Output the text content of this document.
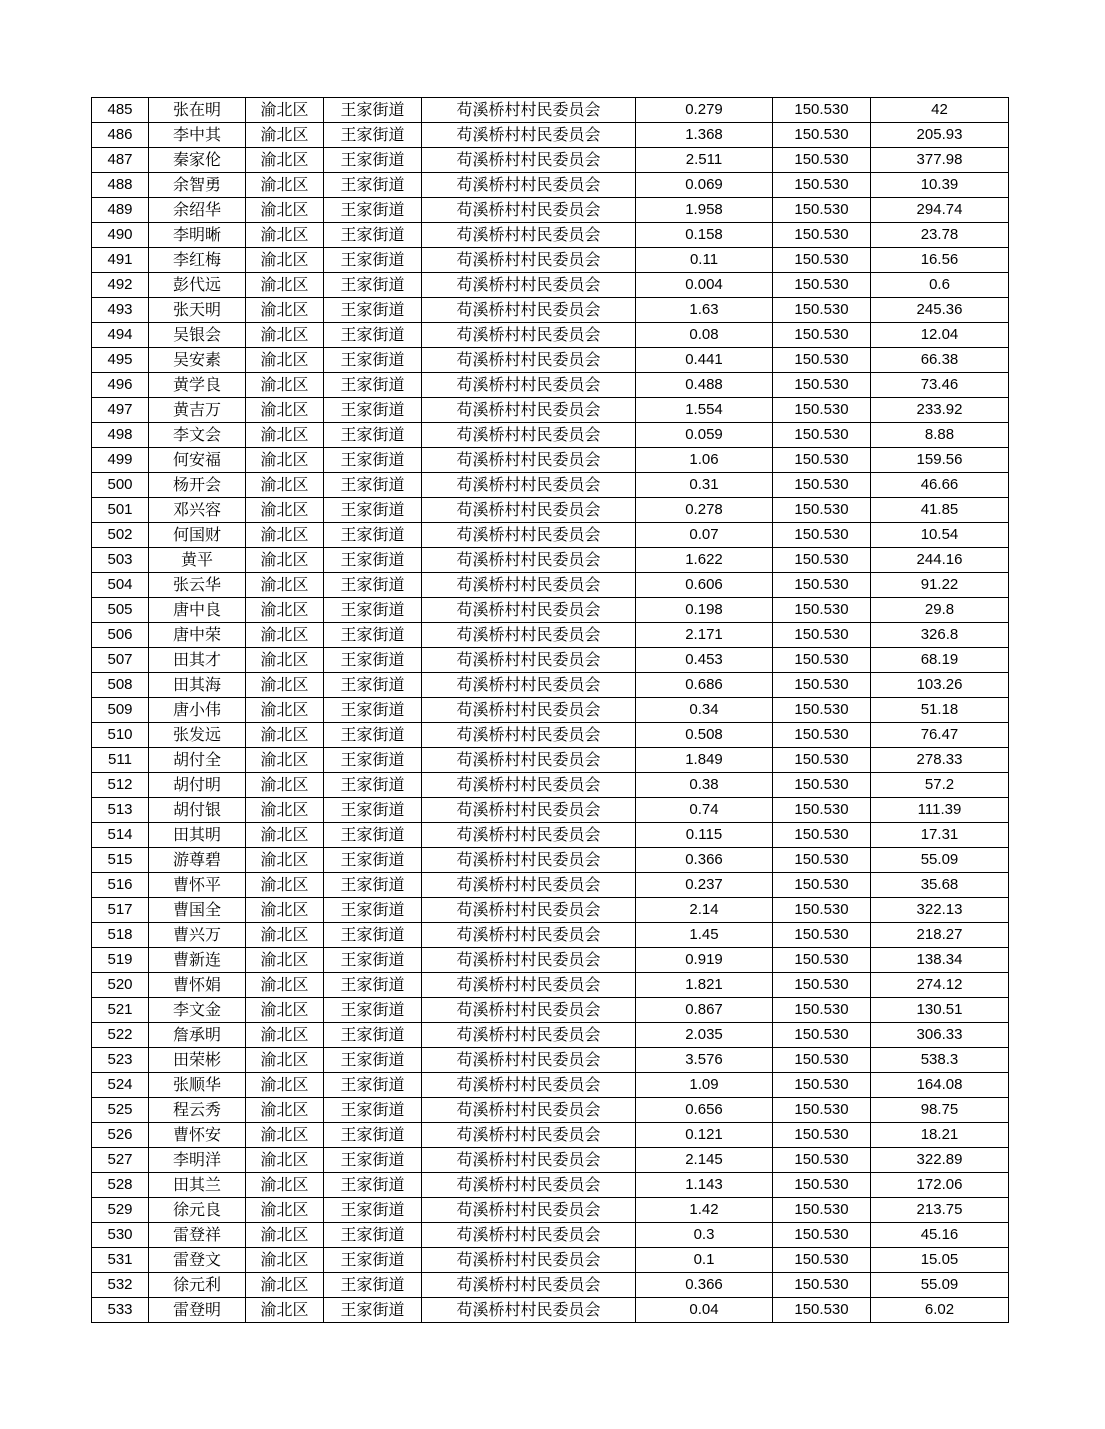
485	张在明	渝北区	王家街道	苟溪桥村村民委员会	0.279	150.530	42
486	李中其	渝北区	王家街道	苟溪桥村村民委员会	1.368	150.530	205.93
487	秦家伦	渝北区	王家街道	苟溪桥村村民委员会	2.511	150.530	377.98
488	余智勇	渝北区	王家街道	苟溪桥村村民委员会	0.069	150.530	10.39
489	余绍华	渝北区	王家街道	苟溪桥村村民委员会	1.958	150.530	294.74
490	李明晰	渝北区	王家街道	苟溪桥村村民委员会	0.158	150.530	23.78
491	李红梅	渝北区	王家街道	苟溪桥村村民委员会	0.11	150.530	16.56
492	彭代远	渝北区	王家街道	苟溪桥村村民委员会	0.004	150.530	0.6
493	张天明	渝北区	王家街道	苟溪桥村村民委员会	1.63	150.530	245.36
494	吴银会	渝北区	王家街道	苟溪桥村村民委员会	0.08	150.530	12.04
495	吴安素	渝北区	王家街道	苟溪桥村村民委员会	0.441	150.530	66.38
496	黄学良	渝北区	王家街道	苟溪桥村村民委员会	0.488	150.530	73.46
497	黄吉万	渝北区	王家街道	苟溪桥村村民委员会	1.554	150.530	233.92
498	李文会	渝北区	王家街道	苟溪桥村村民委员会	0.059	150.530	8.88
499	何安福	渝北区	王家街道	苟溪桥村村民委员会	1.06	150.530	159.56
500	杨开会	渝北区	王家街道	苟溪桥村村民委员会	0.31	150.530	46.66
501	邓兴容	渝北区	王家街道	苟溪桥村村民委员会	0.278	150.530	41.85
502	何国财	渝北区	王家街道	苟溪桥村村民委员会	0.07	150.530	10.54
503	黄平	渝北区	王家街道	苟溪桥村村民委员会	1.622	150.530	244.16
504	张云华	渝北区	王家街道	苟溪桥村村民委员会	0.606	150.530	91.22
505	唐中良	渝北区	王家街道	苟溪桥村村民委员会	0.198	150.530	29.8
506	唐中荣	渝北区	王家街道	苟溪桥村村民委员会	2.171	150.530	326.8
507	田其才	渝北区	王家街道	苟溪桥村村民委员会	0.453	150.530	68.19
508	田其海	渝北区	王家街道	苟溪桥村村民委员会	0.686	150.530	103.26
509	唐小伟	渝北区	王家街道	苟溪桥村村民委员会	0.34	150.530	51.18
510	张发远	渝北区	王家街道	苟溪桥村村民委员会	0.508	150.530	76.47
511	胡付全	渝北区	王家街道	苟溪桥村村民委员会	1.849	150.530	278.33
512	胡付明	渝北区	王家街道	苟溪桥村村民委员会	0.38	150.530	57.2
513	胡付银	渝北区	王家街道	苟溪桥村村民委员会	0.74	150.530	111.39
514	田其明	渝北区	王家街道	苟溪桥村村民委员会	0.115	150.530	17.31
515	游尊碧	渝北区	王家街道	苟溪桥村村民委员会	0.366	150.530	55.09
516	曹怀平	渝北区	王家街道	苟溪桥村村民委员会	0.237	150.530	35.68
517	曹国全	渝北区	王家街道	苟溪桥村村民委员会	2.14	150.530	322.13
518	曹兴万	渝北区	王家街道	苟溪桥村村民委员会	1.45	150.530	218.27
519	曹新连	渝北区	王家街道	苟溪桥村村民委员会	0.919	150.530	138.34
520	曹怀娟	渝北区	王家街道	苟溪桥村村民委员会	1.821	150.530	274.12
521	李文金	渝北区	王家街道	苟溪桥村村民委员会	0.867	150.530	130.51
522	詹承明	渝北区	王家街道	苟溪桥村村民委员会	2.035	150.530	306.33
523	田荣彬	渝北区	王家街道	苟溪桥村村民委员会	3.576	150.530	538.3
524	张顺华	渝北区	王家街道	苟溪桥村村民委员会	1.09	150.530	164.08
525	程云秀	渝北区	王家街道	苟溪桥村村民委员会	0.656	150.530	98.75
526	曹怀安	渝北区	王家街道	苟溪桥村村民委员会	0.121	150.530	18.21
527	李明洋	渝北区	王家街道	苟溪桥村村民委员会	2.145	150.530	322.89
528	田其兰	渝北区	王家街道	苟溪桥村村民委员会	1.143	150.530	172.06
529	徐元良	渝北区	王家街道	苟溪桥村村民委员会	1.42	150.530	213.75
530	雷登祥	渝北区	王家街道	苟溪桥村村民委员会	0.3	150.530	45.16
531	雷登文	渝北区	王家街道	苟溪桥村村民委员会	0.1	150.530	15.05
532	徐元利	渝北区	王家街道	苟溪桥村村民委员会	0.366	150.530	55.09
533	雷登明	渝北区	王家街道	苟溪桥村村民委员会	0.04	150.530	6.02
